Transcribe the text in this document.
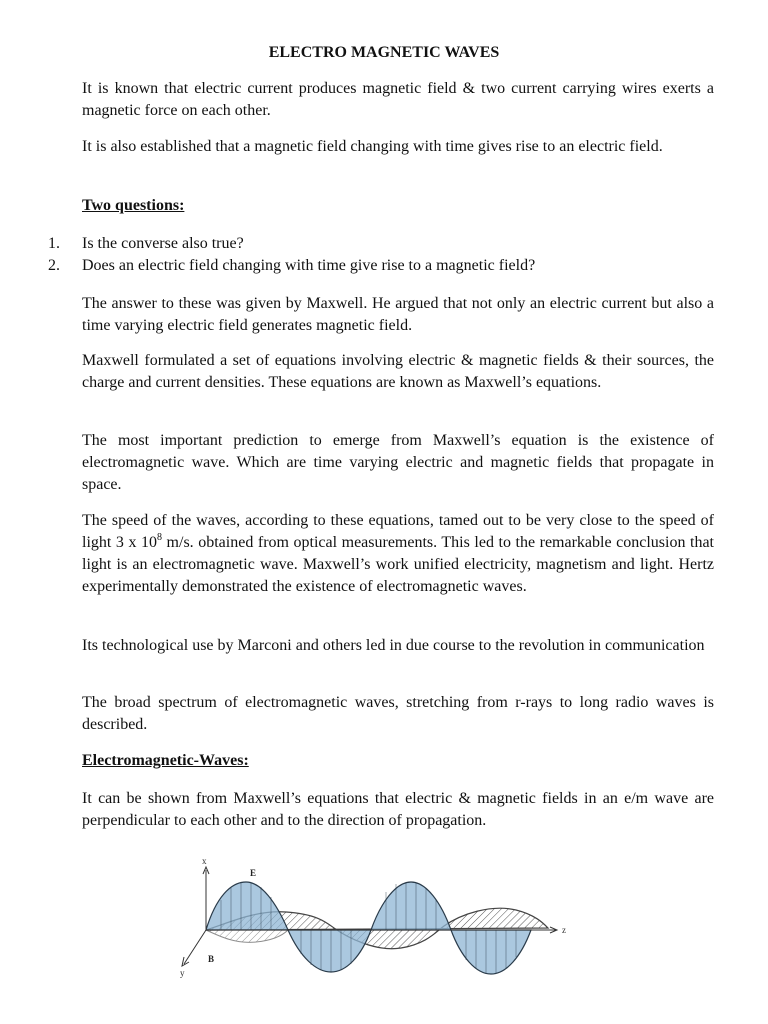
ELECTRO MAGNETIC WAVES

It is known that electric current produces magnetic field & two current carrying wires exerts a magnetic force on each other.

It is also established that a magnetic field changing with time gives rise to an electric field.

Two questions:

1.	Is the converse also true?
2.	Does an electric field changing with time give rise to a magnetic field?

The answer to these was given by Maxwell. He argued that not only an electric current but also a time varying electric field generates magnetic field.

Maxwell formulated a set of equations involving electric & magnetic fields & their sources, the charge and current densities. These equations are known as Maxwell’s equations.

The most important prediction to emerge from Maxwell’s equation is the existence of electromagnetic wave. Which are time varying electric and magnetic fields that propagate in space.

The speed of the waves, according to these equations, tamed out to be very close to the speed of light 3 x $10^8$ m/s. obtained from optical measurements. This led to the remarkable conclusion that light is an electromagnetic wave. Maxwell’s work unified electricity, magnetism and light. Hertz experimentally demonstrated the existence of electromagnetic waves.

Its technological use by Marconi and others led in due course to the revolution in communication

The broad spectrum of electromagnetic waves, stretching from r-rays to long radio waves is described.

Electromagnetic-Waves:

It can be shown from Maxwell’s equations that electric & magnetic fields in an e/m wave are perpendicular to each other and to the direction of propagation.

x
z
y
E
B
